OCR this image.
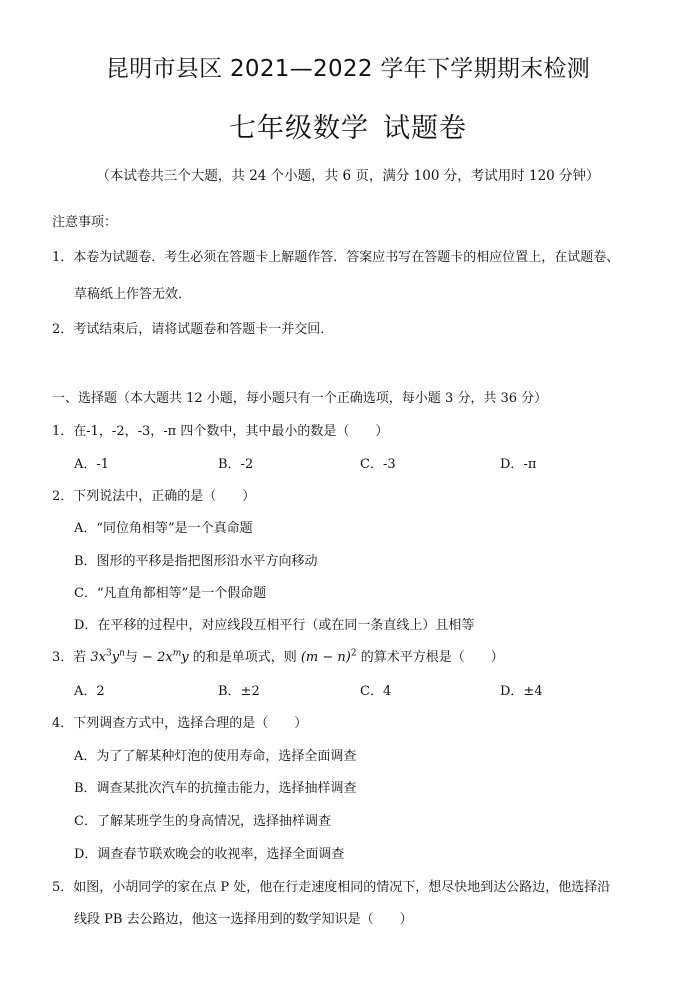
昆明市县区 2021—2022 学年下学期期末检测
七年级数学 试题卷
（本试卷共三个大题，共 24 个小题，共 6 页，满分 100 分，考试用时 120 分钟）
注意事项：
1．本卷为试题卷．考生必须在答题卡上解题作答．答案应书写在答题卡的相应位置上，在试题卷、
草稿纸上作答无效．
2．考试结束后，请将试题卷和答题卡一并交回．
一、选择题（本大题共 12 小题，每小题只有一个正确选项，每小题 3 分，共 36 分）
1．在-1，-2，-3，-π 四个数中，其中最小的数是（　　）
A．-1	B．-2	C．-3	D．-π
2．下列说法中，正确的是（　　）
A．“同位角相等”是一个真命题
B．图形的平移是指把图形沿水平方向移动
C．“凡直角都相等”是一个假命题
D．在平移的过程中，对应线段互相平行（或在同一条直线上）且相等
3．若 $3x^3y^n$与 − $2x^my$ 的和是单项式，则 $(m - n)^2$ 的算术平方根是（　　）
A．2	B．±2	C．4	D．±4
4．下列调查方式中，选择合理的是（　　）
A．为了了解某种灯泡的使用寿命，选择全面调查
B．调查某批次汽车的抗撞击能力，选择抽样调查
C．了解某班学生的身高情况，选择抽样调查
D．调查春节联欢晚会的收视率，选择全面调查
5．如图，小胡同学的家在点 P 处，他在行走速度相同的情况下，想尽快地到达公路边，他选择沿
线段 PB 去公路边，他这一选择用到的数学知识是（　　）
